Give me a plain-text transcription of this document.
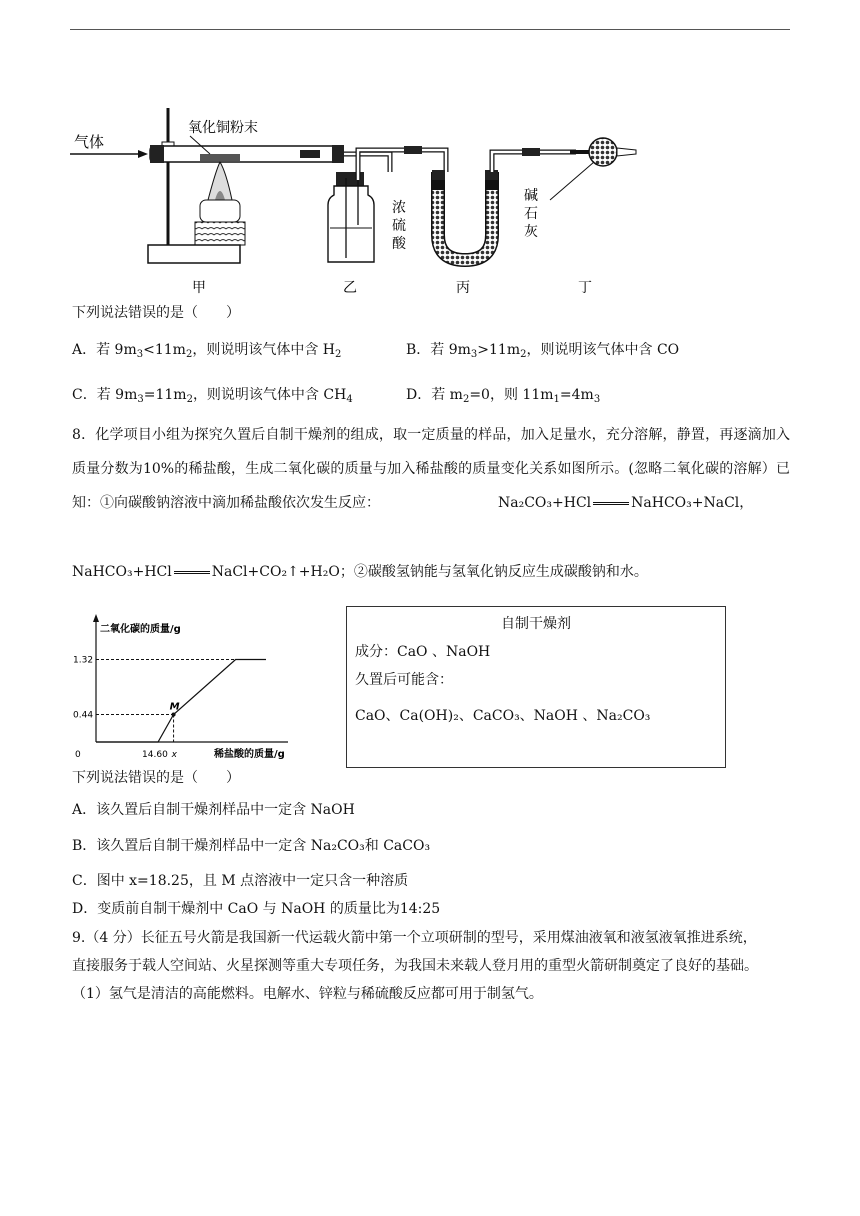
气体
氧化铜粉末
浓
硫
酸
碱
石
灰
甲	乙	丙	丁
下列说法错误的是（　　）
A．若 $9m_3<11m_2$，则说明该气体中含 $H_2$	B．若 $9m_3>11m_2$，则说明该气体中含 CO
C．若 $9m_3=11m_2$，则说明该气体中含 $CH_4$	D．若 $m_2=0$，则 $11m_1=4m_3$
8．化学项目小组为探究久置后自制干燥剂的组成，取一定质量的样品，加入足量水，充分溶解，静置，再逐滴加入质量分数为10%的稀盐酸，生成二氧化碳的质量与加入稀盐酸的质量变化关系如图所示。(忽略二氧化碳的溶解）已知：①向碳酸钠溶液中滴加稀盐酸依次发生反应：	Na₂CO₃+HCl	NaHCO₃+NaCl，
NaHCO₃+HCl	NaCl+CO₂↑+H₂O；②碳酸氢钠能与氢氧化钠反应生成碳酸钠和水。
二氧化碳的质量/g
稀盐酸的质量/g
1.32
0.44
0	14.60 x
M
自制干燥剂
成分：CaO 、NaOH
久置后可能含：
CaO、Ca(OH)₂、CaCO₃、NaOH 、Na₂CO₃
下列说法错误的是（　　）
A．该久置后自制干燥剂样品中一定含 NaOH
B．该久置后自制干燥剂样品中一定含 Na₂CO₃和 CaCO₃
C．图中 x=18.25，且 M 点溶液中一定只含一种溶质
D．变质前自制干燥剂中 CaO 与 NaOH 的质量比为14:25
9.（4 分）长征五号火箭是我国新一代运载火箭中第一个立项研制的型号，采用煤油液氧和液氢液氧推进系统，
直接服务于载人空间站、火星探测等重大专项任务，为我国未来载人登月用的重型火箭研制奠定了良好的基础。
（1）氢气是清洁的高能燃料。电解水、锌粒与稀硫酸反应都可用于制氢气。
